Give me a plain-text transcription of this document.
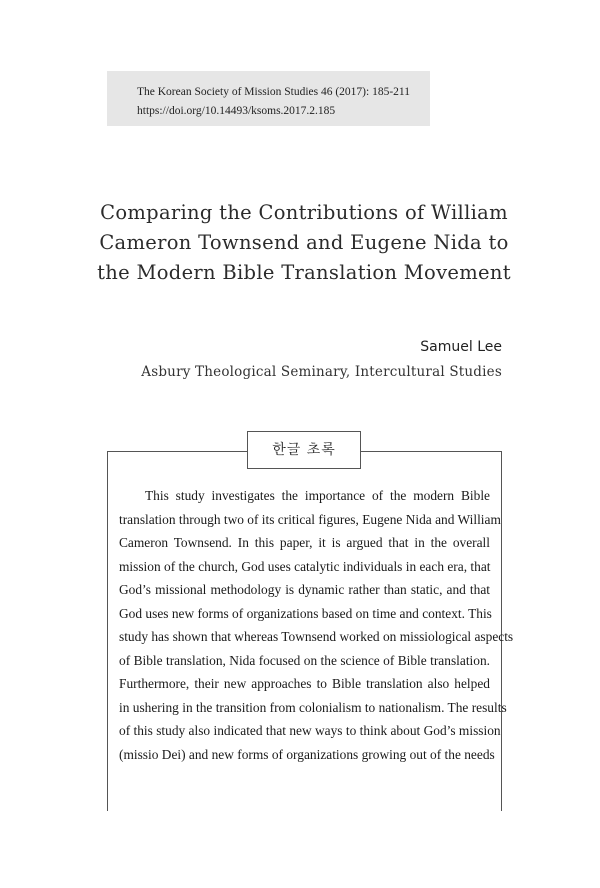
The Korean Society of Mission Studies 46 (2017): 185-211
https://doi.org/10.14493/ksoms.2017.2.185
Comparing the Contributions of William
Cameron Townsend and Eugene Nida to
the Modern Bible Translation Movement
Samuel Lee
Asbury Theological Seminary, Intercultural Studies
한글 초록
This study investigates the importance of the modern Bible
translation through two of its critical figures, Eugene Nida and William
Cameron Townsend. In this paper, it is argued that in the overall
mission of the church, God uses catalytic individuals in each era, that
God’s missional methodology is dynamic rather than static, and that
God uses new forms of organizations based on time and context. This
study has shown that whereas Townsend worked on missiological aspects
of Bible translation, Nida focused on the science of Bible translation.
Furthermore, their new approaches to Bible translation also helped
in ushering in the transition from colonialism to nationalism. The results
of this study also indicated that new ways to think about God’s mission
(missio Dei) and new forms of organizations growing out of the needs
